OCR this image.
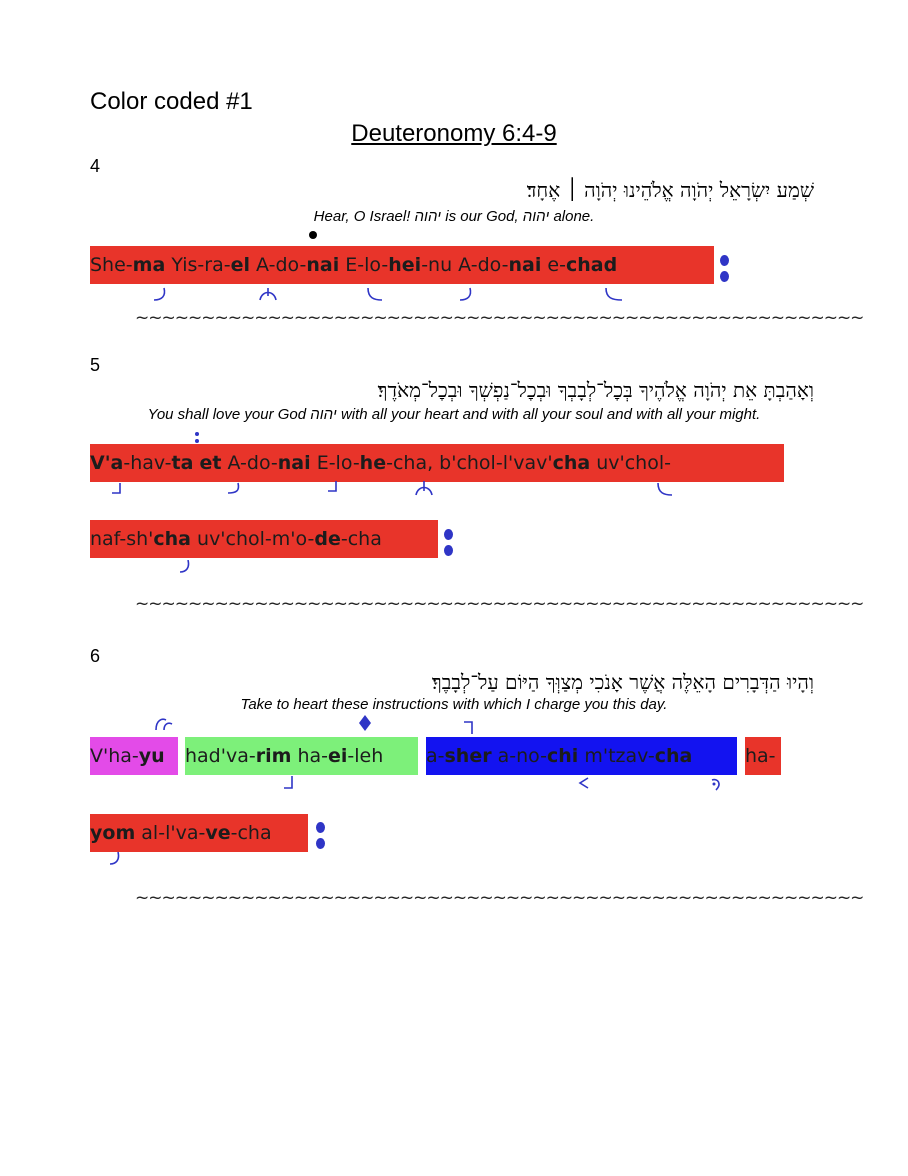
Color coded #1
Deuteronomy 6:4-9
4
שְׁמַע יִשְׂרָאֵל יְהֹוָה אֱלֹהֵינוּ יְהֹוָה ׀ אֶחָד׃
Hear, O Israel! יהוה is our God, יהוה alone.
She-ma Yis-ra-el A-do-nai E-lo-hei-nu A-do-nai e-chad
~~~~~~~~~~~~~~~~~~~~~~~~~~~~~~~~~~~~~~~~~~~~~~~~~~~~~~~
5
וְאָהַבְתָּ אֵת יְהֹוָה אֱלֹהֶיךָ בְּכׇל־לְבָבְךָ וּבְכׇל־נַפְשְׁךָ וּבְכׇל־מְאֹדֶךָ׃
You shall love your God יהוה with all your heart and with all your soul and with all your might.
V'a-hav-ta et A-do-nai E-lo-he-cha, b'chol-l'vav'cha uv'chol-
naf-sh'cha uv'chol-m'o-de-cha
~~~~~~~~~~~~~~~~~~~~~~~~~~~~~~~~~~~~~~~~~~~~~~~~~~~~~~~
6
וְהָיוּ הַדְּבָרִים הָאֵלֶּה אֲשֶׁר אָנֹכִי מְצַוְּךָ הַיּוֹם עַל־לְבָבֶךָ׃
Take to heart these instructions with which I charge you this day.
V'ha-yu had'va-rim ha-ei-leh a-sher a-no-chi m'tzav-cha	ha-
yom al-l'va-ve-cha
~~~~~~~~~~~~~~~~~~~~~~~~~~~~~~~~~~~~~~~~~~~~~~~~~~~~~~~
